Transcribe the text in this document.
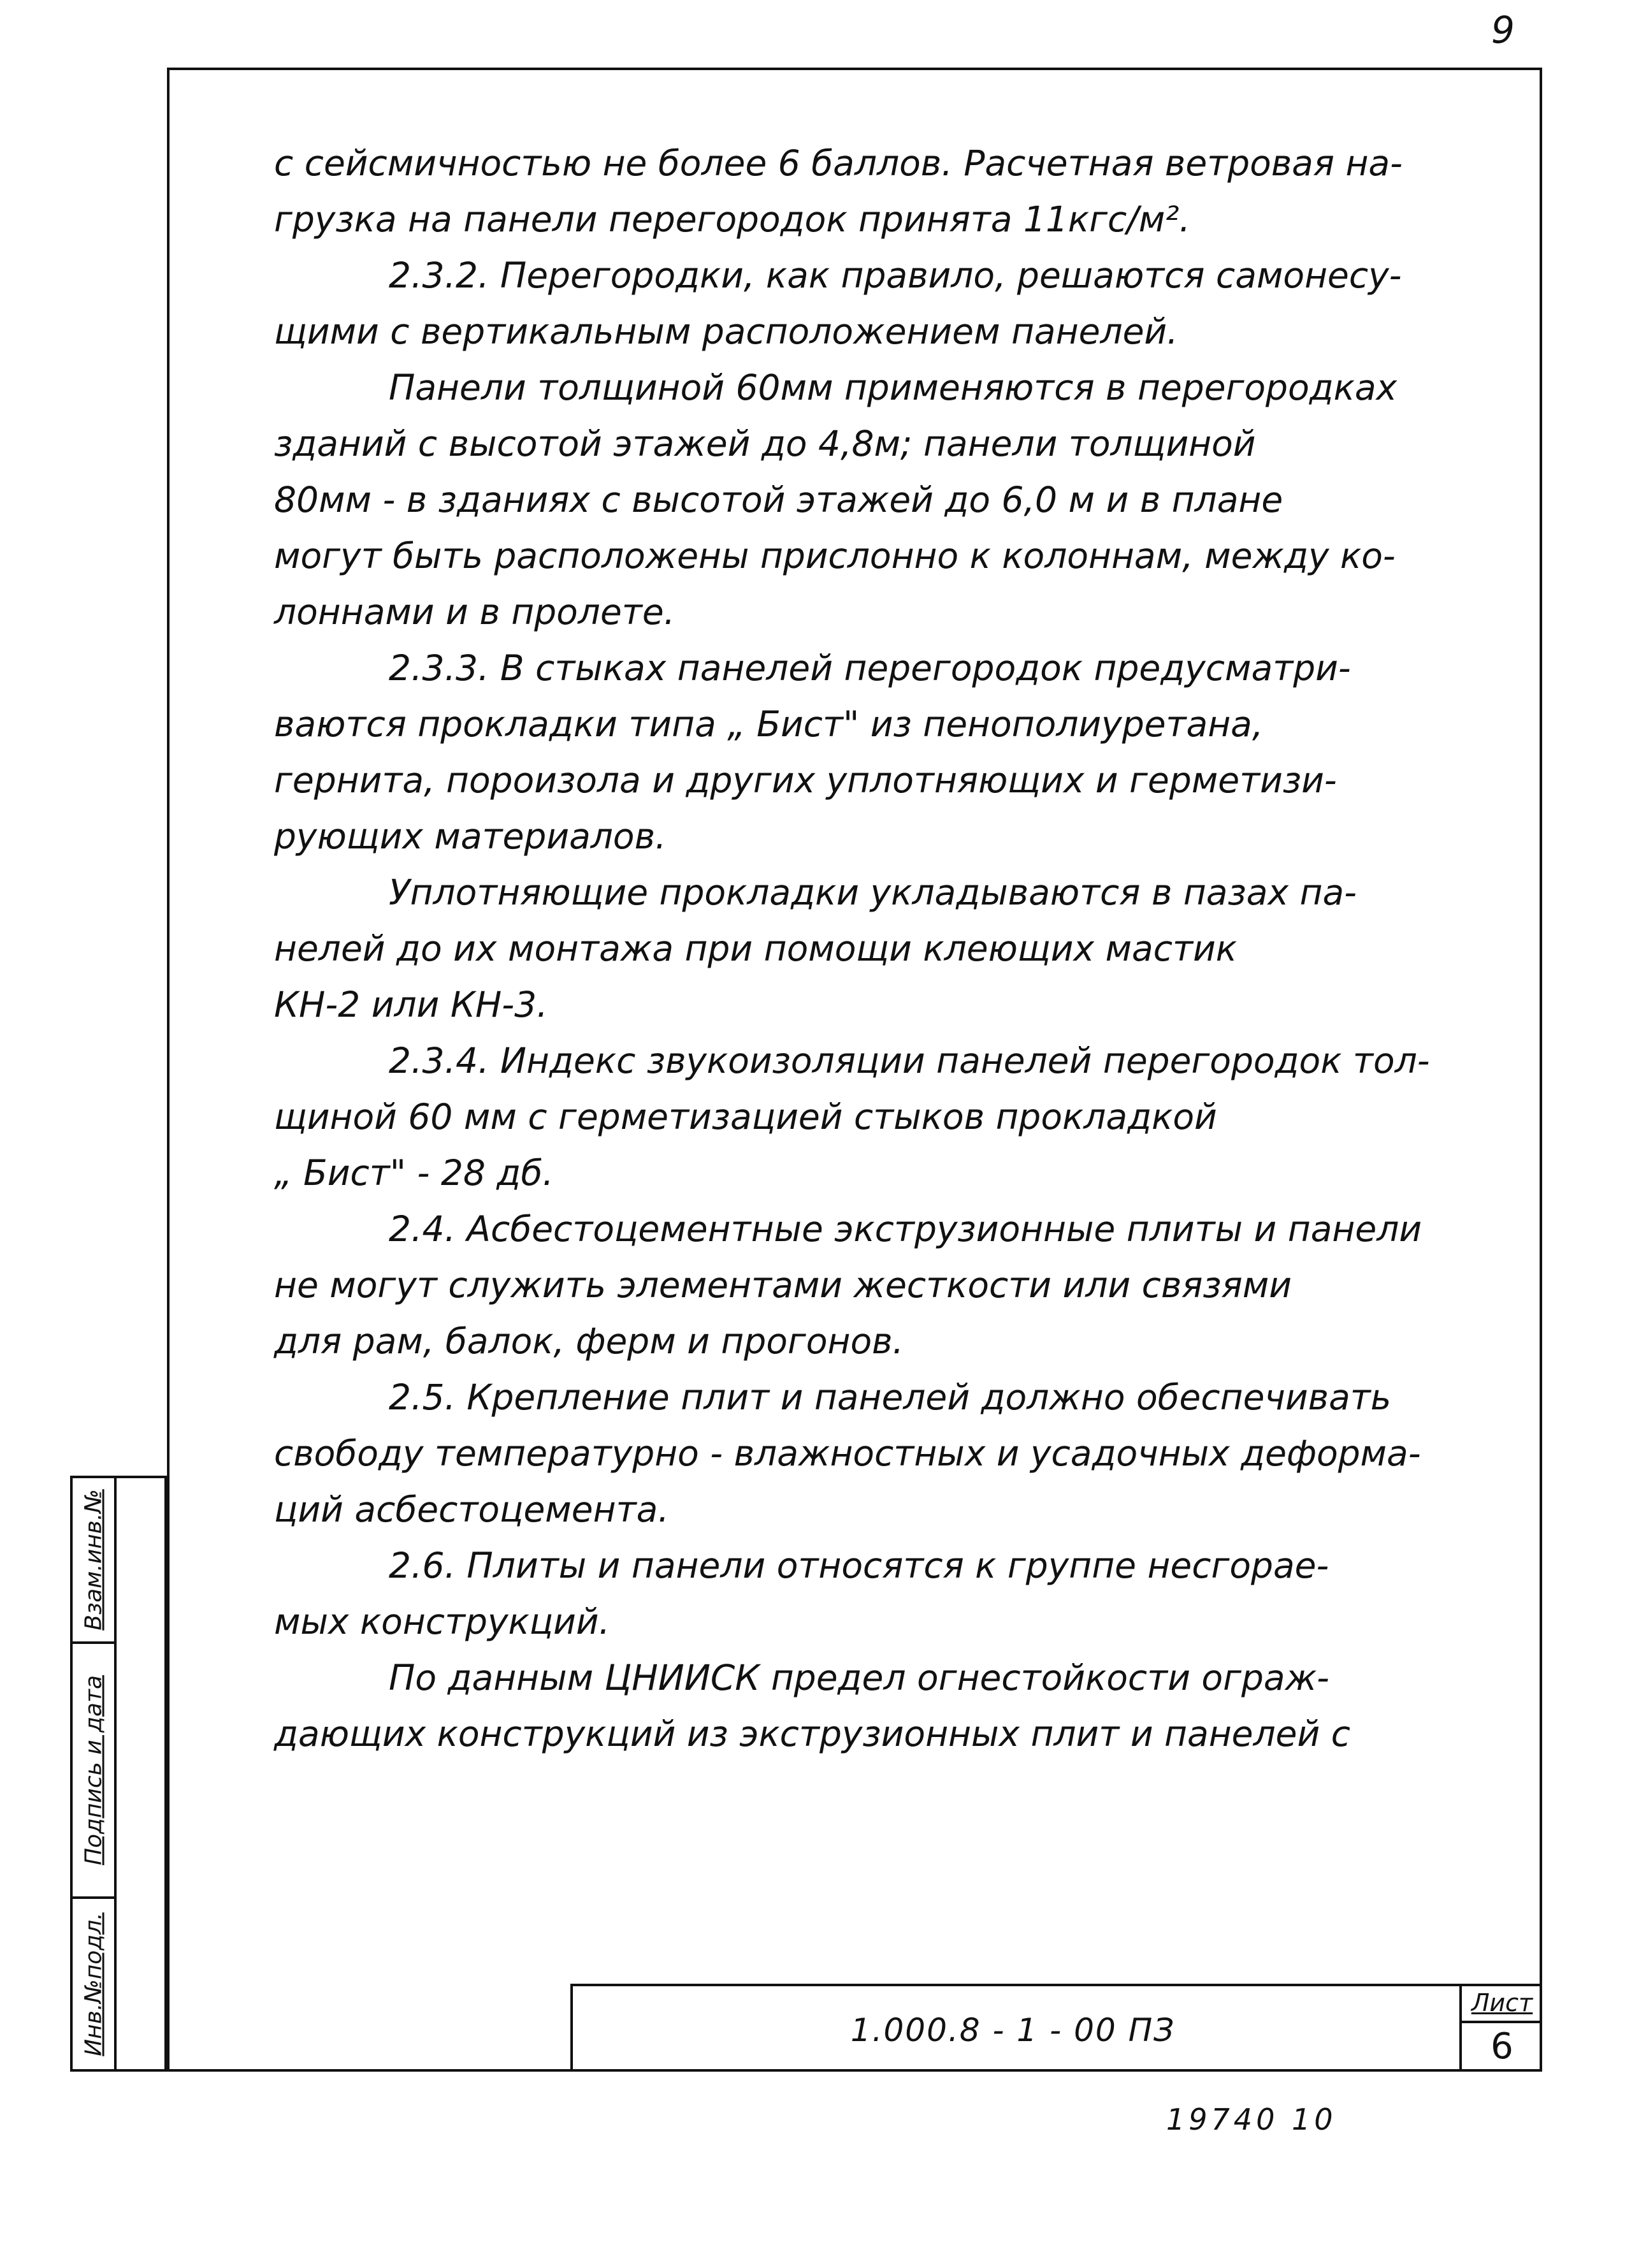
9
с сейсмичностью не более 6 баллов. Расчетная ветровая на-
грузка на панели перегородок принята 11кгс/м².
2.3.2. Перегородки, как правило, решаются самонесу-
щими с вертикальным расположением панелей.
Панели толщиной 60мм применяются в перегородках
зданий с высотой этажей до 4,8м; панели толщиной
80мм - в зданиях с высотой этажей до 6,0 м и в плане
могут быть расположены прислонно к колоннам, между ко-
лоннами и в пролете.
2.3.3. В стыках панелей перегородок предусматри-
ваются прокладки типа „ Бист" из пенополиуретана,
гернита, пороизола и других уплотняющих и герметизи-
рующих материалов.
Уплотняющие прокладки укладываются в пазах па-
нелей до их монтажа при помощи клеющих мастик
КН-2 или КН-3.
2.3.4. Индекс звукоизоляции панелей перегородок тол-
щиной 60 мм с герметизацией стыков прокладкой
„ Бист" - 28 дб.
2.4. Асбестоцементные экструзионные плиты и панели
не могут служить элементами жесткости или связями
для рам, балок, ферм и прогонов.
2.5. Крепление плит и панелей должно обеспечивать
свободу температурно - влажностных и усадочных деформа-
ций асбестоцемента.
2.6. Плиты и панели относятся к группе несгорае-
мых конструкций.
По данным ЦНИИСК предел огнестойкости ограж-
дающих конструкций из экструзионных плит и панелей с
Взам.инв.№
Подпись и дата
Инв.№подл.	1.000.8 - 1 - 00 ПЗ
Лист
6
19740 10
